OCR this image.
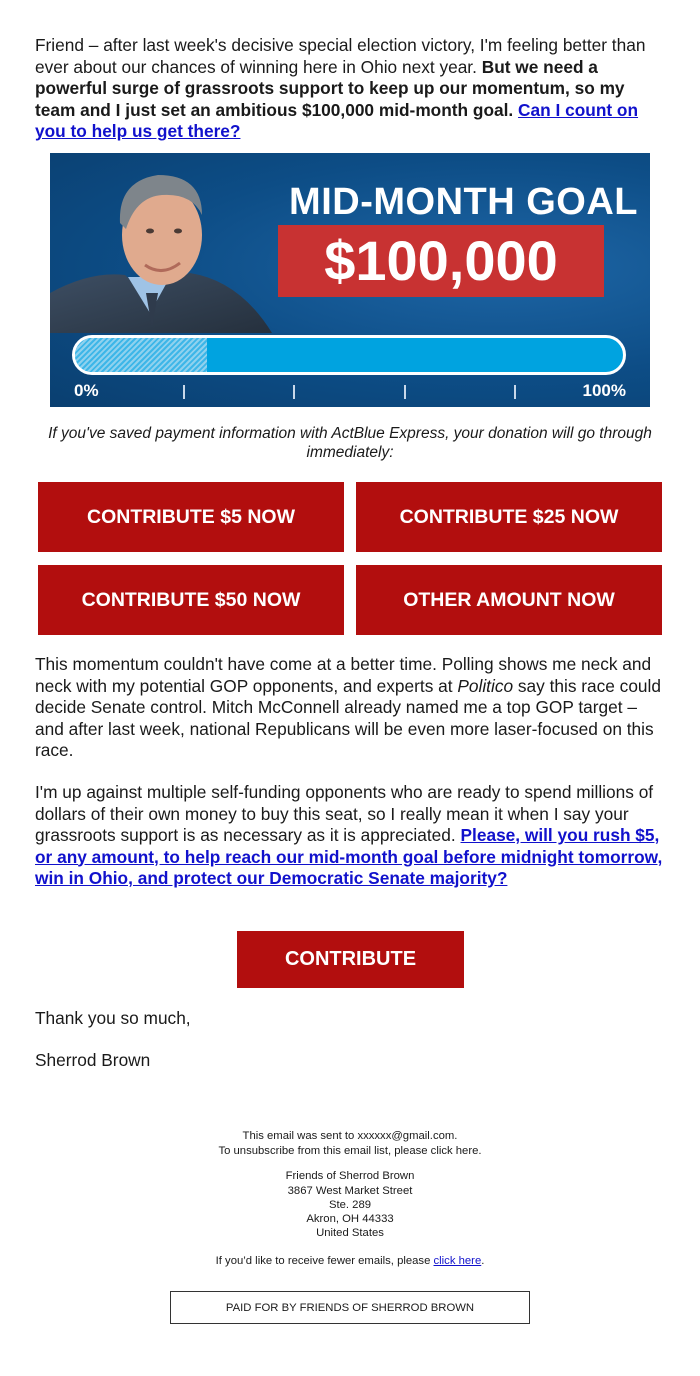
Friend – after last week's decisive special election victory, I'm feeling better than ever about our chances of winning here in Ohio next year. But we need a powerful surge of grassroots support to keep up our momentum, so my team and I just set an ambitious $100,000 mid-month goal. Can I count on you to help us get there?

MID-MONTH GOAL
$100,000
0%	100%
If you've saved payment information with ActBlue Express, your donation will go through immediately:
CONTRIBUTE $5 NOW	CONTRIBUTE $25 NOW
CONTRIBUTE $50 NOW	OTHER AMOUNT NOW

This momentum couldn't have come at a better time. Polling shows me neck and neck with my potential GOP opponents, and experts at Politico say this race could decide Senate control. Mitch McConnell already named me a top GOP target – and after last week, national Republicans will be even more laser-focused on this race.

I'm up against multiple self-funding opponents who are ready to spend millions of dollars of their own money to buy this seat, so I really mean it when I say your grassroots support is as necessary as it is appreciated. Please, will you rush $5, or any amount, to help reach our mid-month goal before midnight tomorrow, win in Ohio, and protect our Democratic Senate majority?

CONTRIBUTE
Thank you so much,
Sherrod Brown
This email was sent to xxxxxx@gmail.com.
To unsubscribe from this email list, please click here.
Friends of Sherrod Brown
3867 West Market Street
Ste. 289
Akron, OH 44333
United States
If you’d like to receive fewer emails, please click here.
PAID FOR BY FRIENDS OF SHERROD BROWN
